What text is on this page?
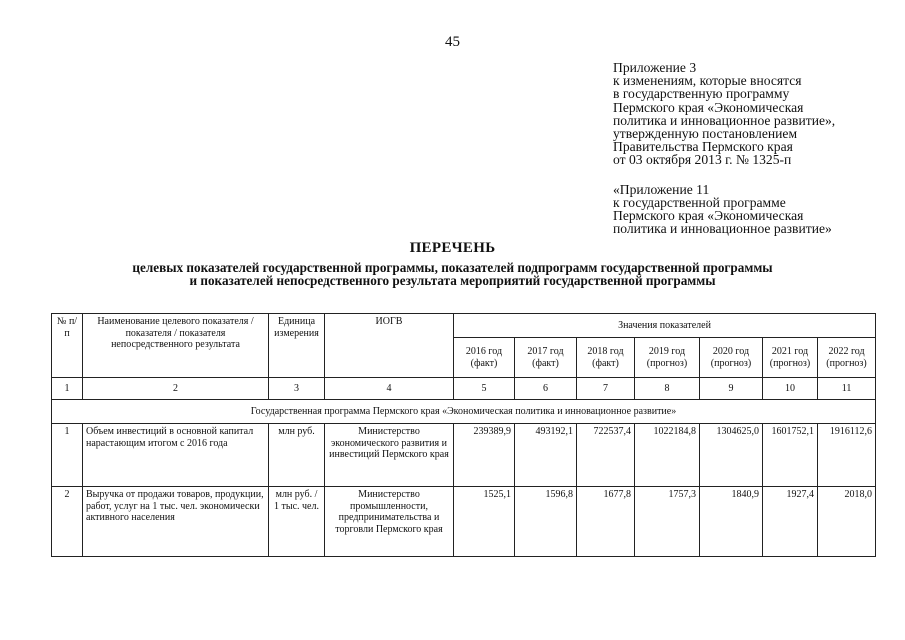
45
Приложение 3
к изменениям, которые вносятся
в государственную программу
Пермского края «Экономическая
политика и инновационное развитие»,
утвержденную постановлением
Правительства Пермского края
от 03 октября 2013 г. № 1325-п
«Приложение 11
к государственной программе
Пермского края «Экономическая
политика и инновационное развитие»
ПЕРЕЧЕНЬ
целевых показателей государственной программы, показателей подпрограмм государственной программы
и показателей непосредственного результата мероприятий государственной программы
№ п/п	Наименование целевого показателя / показателя / показателя непосредственного результата	Единица измерения	ИОГВ	Значения показателей						
				2016 год (факт)	2017 год (факт)	2018 год (факт)	2019 год (прогноз)	2020 год (прогноз)	2021 год (прогноз)	2022 год (прогноз)
1	2	3	4	5	6	7	8	9	10	11
Государственная программа Пермского края «Экономическая политика и инновационное развитие»										
1	Объем инвестиций в основной капитал нарастающим итогом с 2016 года	млн руб.	Министерство экономического развития и инвестиций Пермского края	239389,9	493192,1	722537,4	1022184,8	1304625,0	1601752,1	1916112,6
2	Выручка от продажи товаров, продукции, работ, услуг на 1 тыс. чел. экономически активного населения	млн руб. / 1 тыс. чел.	Министерство промышленности, предпринимательства и торговли Пермского края	1525,1	1596,8	1677,8	1757,3	1840,9	1927,4	2018,0
